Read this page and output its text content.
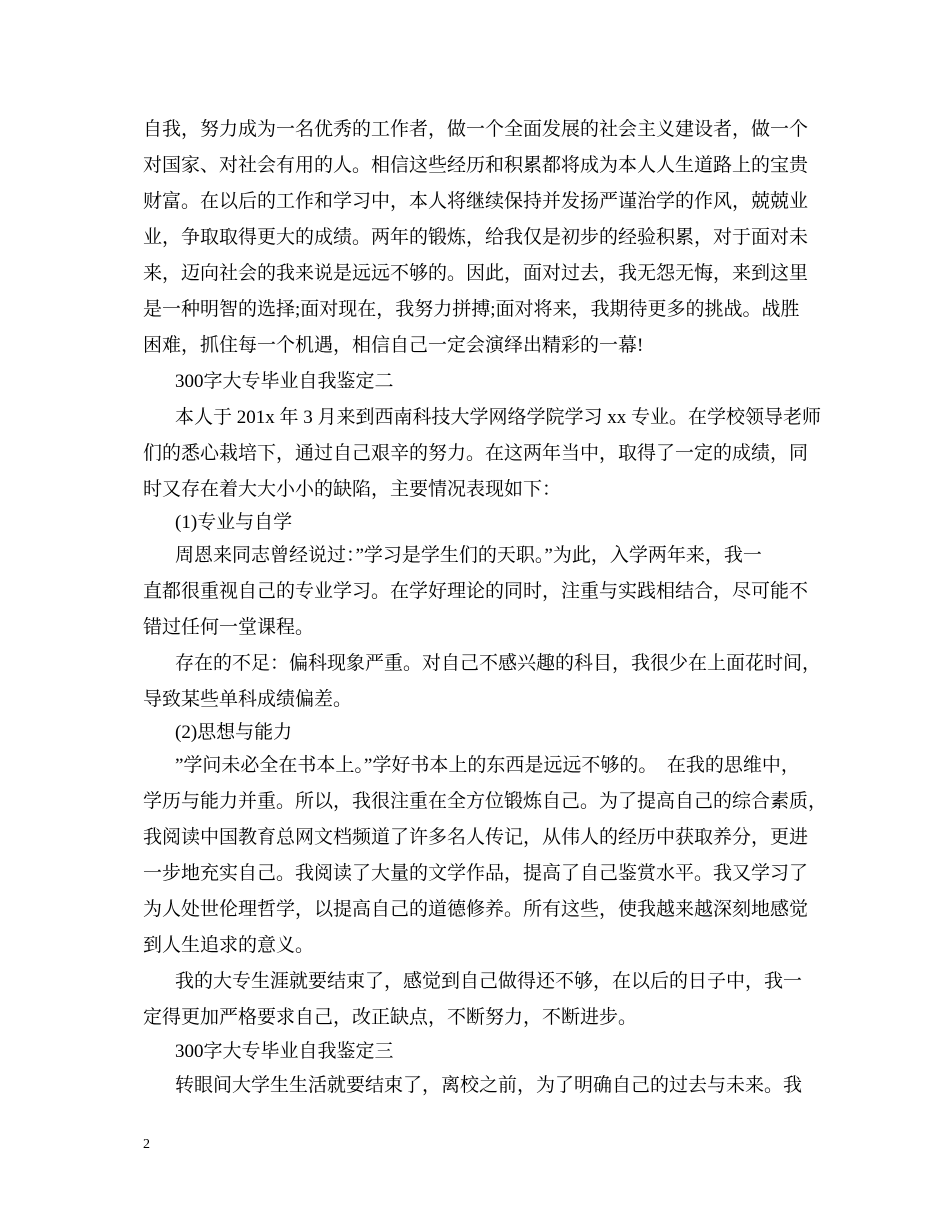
自我，努力成为一名优秀的工作者，做一个全面发展的社会主义建设者，做一个
对国家、对社会有用的人。相信这些经历和积累都将成为本人人生道路上的宝贵
财富。在以后的工作和学习中，本人将继续保持并发扬严谨治学的作风，兢兢业
业，争取取得更大的成绩。两年的锻炼，给我仅是初步的经验积累，对于面对未
来，迈向社会的我来说是远远不够的。因此，面对过去，我无怨无悔，来到这里
是一种明智的选择;面对现在，我努力拼搏;面对将来，我期待更多的挑战。战胜
困难，抓住每一个机遇，相信自己一定会演绎出精彩的一幕!
300字大专毕业自我鉴定二
本人于 201x 年 3 月来到西南科技大学网络学院学习 xx 专业。在学校领导老师
们的悉心栽培下，通过自己艰辛的努力。在这两年当中，取得了一定的成绩，同
时又存在着大大小小的缺陷，主要情况表现如下：
(1)专业与自学
周恩来同志曾经说过：”学习是学生们的天职。”为此，入学两年来，我一
直都很重视自己的专业学习。在学好理论的同时，注重与实践相结合，尽可能不
错过任何一堂课程。
存在的不足：偏科现象严重。对自己不感兴趣的科目，我很少在上面花时间，
导致某些单科成绩偏差。
(2)思想与能力
”学问未必全在书本上。”学好书本上的东西是远远不够的。  在我的思维中，
学历与能力并重。所以，我很注重在全方位锻炼自己。为了提高自己的综合素质，
我阅读中国教育总网文档频道了许多名人传记，从伟人的经历中获取养分，更进
一步地充实自己。我阅读了大量的文学作品，提高了自己鉴赏水平。我又学习了
为人处世伦理哲学，以提高自己的道德修养。所有这些，使我越来越深刻地感觉
到人生追求的意义。
我的大专生涯就要结束了，感觉到自己做得还不够，在以后的日子中，我一
定得更加严格要求自己，改正缺点，不断努力，不断进步。
300字大专毕业自我鉴定三
转眼间大学生生活就要结束了，离校之前，为了明确自己的过去与未来。我
2
